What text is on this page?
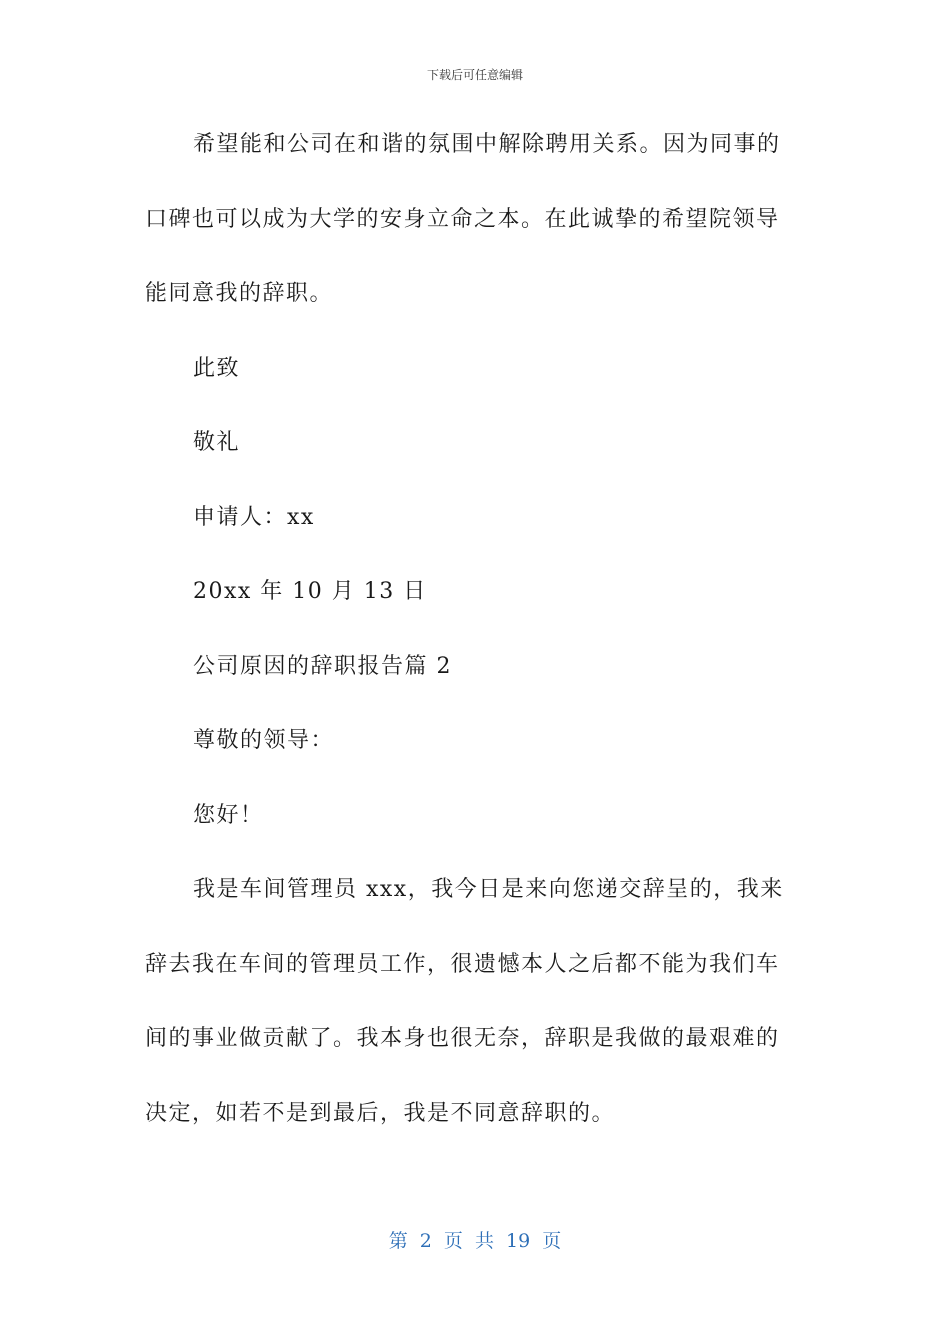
下载后可任意编辑
希望能和公司在和谐的氛围中解除聘用关系。因为同事的
口碑也可以成为大学的安身立命之本。在此诚挚的希望院领导
能同意我的辞职。
此致
敬礼
申请人：xx
20xx 年 10 月 13 日
公司原因的辞职报告篇 2
尊敬的领导：
您好！
我是车间管理员 xxx，我今日是来向您递交辞呈的，我来
辞去我在车间的管理员工作，很遗憾本人之后都不能为我们车
间的事业做贡献了。我本身也很无奈，辞职是我做的最艰难的
决定，如若不是到最后，我是不同意辞职的。
第 2 页 共 19 页
